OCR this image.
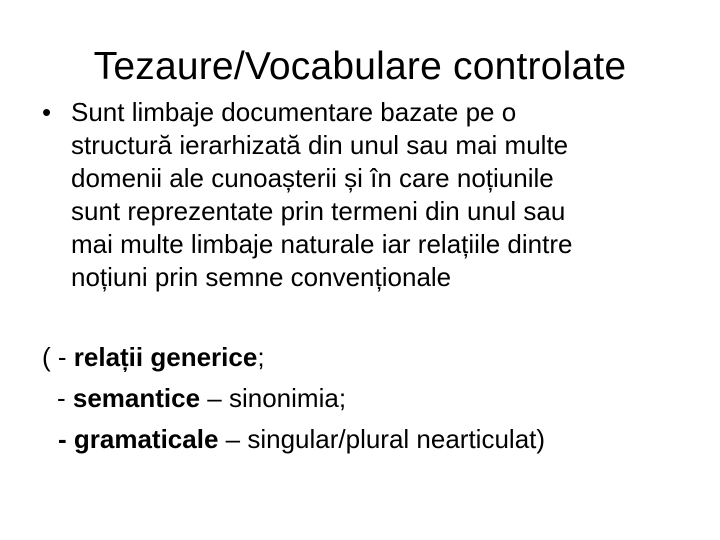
Tezaure/Vocabulare controlate
• Sunt limbaje documentare bazate pe o
structură ierarhizată din unul sau mai multe
domenii ale cunoașterii și în care noțiunile
sunt reprezentate prin termeni din unul sau
mai multe limbaje naturale iar relațiile dintre
noțiuni prin semne convenționale
( - relații generice;
- semantice – sinonimia;
- gramaticale – singular/plural nearticulat)
